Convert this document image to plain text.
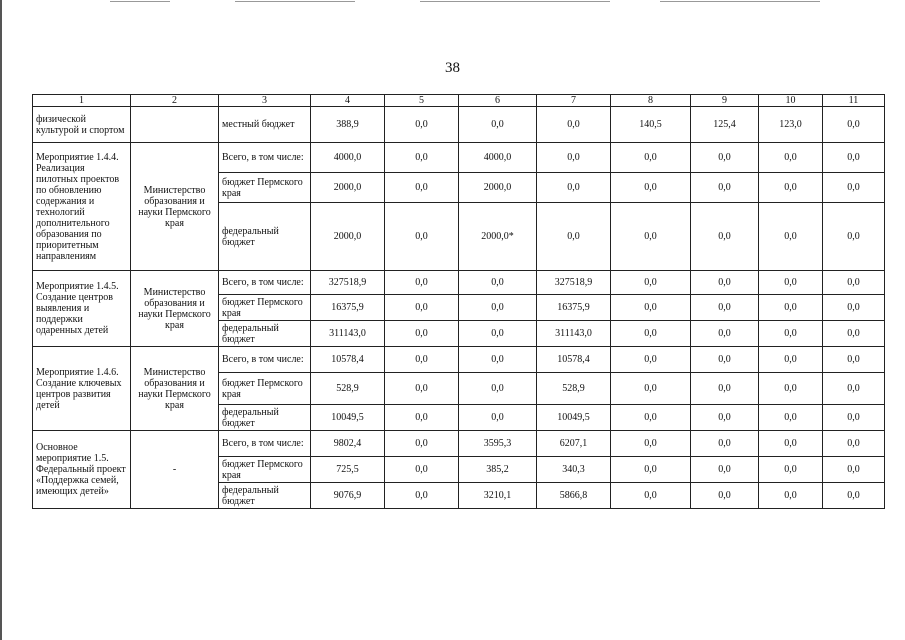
38
1	2	3	4	5	6	7	8	9	10	11
физической культурой и спортом		местный бюджет	388,9	0,0	0,0	0,0	140,5	125,4	123,0	0,0
Мероприятие 1.4.4. Реализация пилотных проектов по обновлению содержания и технологий дополнительного образования по приоритетным направлениям	Министерство образования и науки Пермского края	Всего, в том числе:	4000,0	0,0	4000,0	0,0	0,0	0,0	0,0	0,0
		бюджет Пермского края	2000,0	0,0	2000,0	0,0	0,0	0,0	0,0	0,0
		федеральный бюджет	2000,0	0,0	2000,0*	0,0	0,0	0,0	0,0	0,0
Мероприятие 1.4.5. Создание центров выявления и поддержки одаренных детей	Министерство образования и науки Пермского края	Всего, в том числе:	327518,9	0,0	0,0	327518,9	0,0	0,0	0,0	0,0
		бюджет Пермского края	16375,9	0,0	0,0	16375,9	0,0	0,0	0,0	0,0
		федеральный бюджет	311143,0	0,0	0,0	311143,0	0,0	0,0	0,0	0,0
Мероприятие 1.4.6. Создание ключевых центров развития детей	Министерство образования и науки Пермского края	Всего, в том числе:	10578,4	0,0	0,0	10578,4	0,0	0,0	0,0	0,0
		бюджет Пермского края	528,9	0,0	0,0	528,9	0,0	0,0	0,0	0,0
		федеральный бюджет	10049,5	0,0	0,0	10049,5	0,0	0,0	0,0	0,0
Основное мероприятие 1.5. Федеральный проект «Поддержка семей, имеющих детей»	-	Всего, в том числе:	9802,4	0,0	3595,3	6207,1	0,0	0,0	0,0	0,0
		бюджет Пермского края	725,5	0,0	385,2	340,3	0,0	0,0	0,0	0,0
		федеральный бюджет	9076,9	0,0	3210,1	5866,8	0,0	0,0	0,0	0,0
